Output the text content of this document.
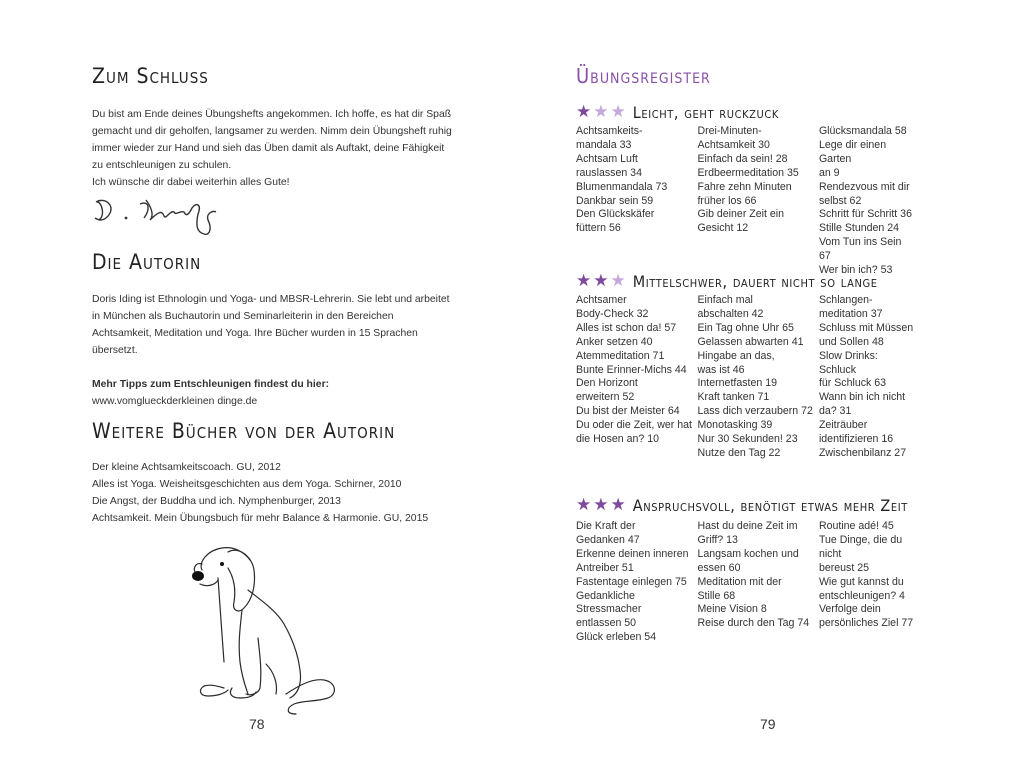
Zum Schluss

Du bist am Ende deines Übungshefts angekommen. Ich hoffe, es hat dir Spaß gemacht und dir geholfen, langsamer zu werden. Nimm dein Übungsheft ruhig immer wieder zur Hand und sieh das Üben damit als Auftakt, deine Fähigkeit zu entschleunigen zu schulen.

Ich wünsche dir dabei weiterhin alles Gute!

Die Autorin

Doris Iding ist Ethnologin und Yoga- und MBSR-Lehrerin. Sie lebt und arbeitet in München als Buchautorin und Seminarleiterin in den Bereichen Achtsamkeit, Meditation und Yoga. Ihre Bücher wurden in 15 Sprachen übersetzt.

Mehr Tipps zum Entschleunigen findest du hier:

www.vomglueckderkleinen dinge.de

Weitere Bücher von der Autorin

Der kleine Achtsamkeitscoach. GU, 2012

Alles ist Yoga. Weisheitsgeschichten aus dem Yoga. Schirner, 2010

Die Angst, der Buddha und ich. Nymphenburger, 2013

Achtsamkeit. Mein Übungsbuch für mehr Balance & Harmonie. GU, 2015

78
Übungsregister
★ ★ ★ Leicht, geht ruckzuck
Achtsamkeits-
mandala 33
Achtsam Luft
rauslassen 34
Blumenmandala 73
Dankbar sein 59
Den Glückskäfer
füttern 56
Drei-Minuten-
Achtsamkeit 30
Einfach da sein! 28
Erdbeermeditation 35
Fahre zehn Minuten
früher los 66
Gib deiner Zeit ein
Gesicht 12
Glücksmandala 58
Lege dir einen Garten
an 9
Rendezvous mit dir
selbst 62
Schritt für Schritt 36
Stille Stunden 24
Vom Tun ins Sein 67
Wer bin ich? 53
★ ★ ★ Mittelschwer, dauert nicht so lange
Achtsamer
Body-Check 32
Alles ist schon da! 57
Anker setzen 40
Atemmeditation 71
Bunte Erinner-Michs 44
Den Horizont
erweitern 52
Du bist der Meister 64
Du oder die Zeit, wer hat
die Hosen an? 10
Einfach mal
abschalten 42
Ein Tag ohne Uhr 65
Gelassen abwarten 41
Hingabe an das,
was ist 46
Internetfasten 19
Kraft tanken 71
Lass dich verzaubern 72
Monotasking 39
Nur 30 Sekunden! 23
Nutze den Tag 22
Schlangen-
meditation 37
Schluss mit Müssen
und Sollen 48
Slow Drinks: Schluck
für Schluck 63
Wann bin ich nicht
da? 31
Zeiträuber
identifizieren 16
Zwischenbilanz 27
★ ★ ★ Anspruchsvoll, benötigt etwas mehr Zeit
Die Kraft der
Gedanken 47
Erkenne deinen inneren
Antreiber 51
Fastentage einlegen 75
Gedankliche Stressmacher
entlassen 50
Glück erleben 54
Hast du deine Zeit im
Griff? 13
Langsam kochen und
essen 60
Meditation mit der
Stille 68
Meine Vision 8
Reise durch den Tag 74
Routine adé! 45
Tue Dinge, die du nicht
bereust 25
Wie gut kannst du
entschleunigen? 4
Verfolge dein
persönliches Ziel 77
79
